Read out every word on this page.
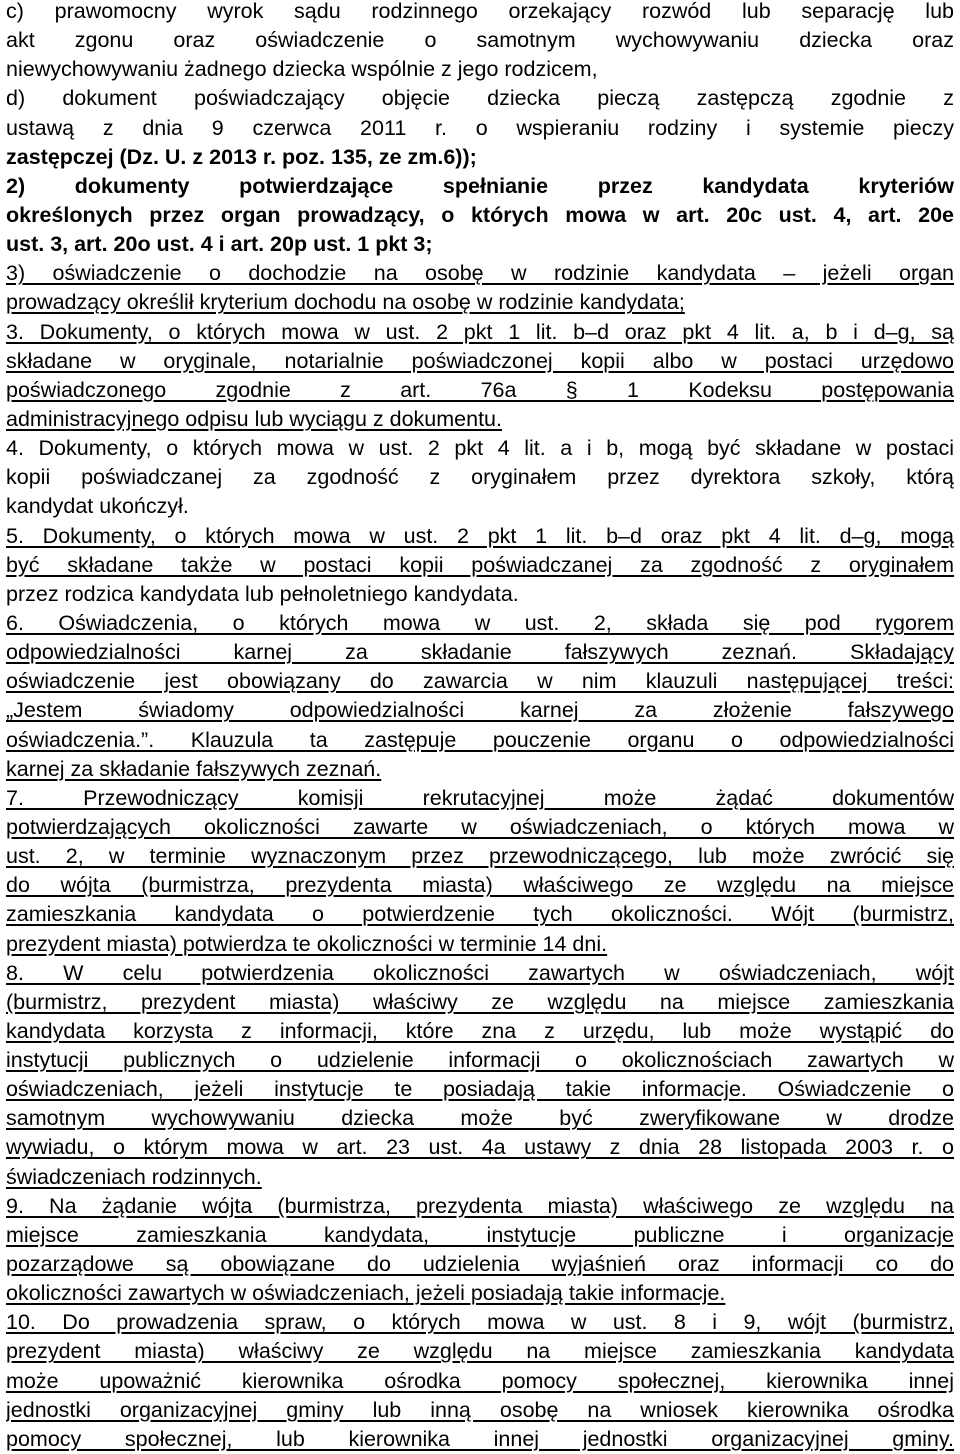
c) prawomocny wyrok sądu rodzinnego orzekający rozwód lub separację lub
akt zgonu oraz oświadczenie o samotnym wychowywaniu dziecka oraz
niewychowywaniu żadnego dziecka wspólnie z jego rodzicem,
d) dokument poświadczający objęcie dziecka pieczą zastępczą zgodnie z
ustawą z dnia 9 czerwca 2011 r. o wspieraniu rodziny i systemie pieczy
zastępczej (Dz. U. z 2013 r. poz. 135, ze zm.6));
2) dokumenty potwierdzające spełnianie przez kandydata kryteriów
określonych przez organ prowadzący, o których mowa w art. 20c ust. 4, art. 20e
ust. 3, art. 20o ust. 4 i art. 20p ust. 1 pkt 3;
3) oświadczenie o dochodzie na osobę w rodzinie kandydata – jeżeli organ
prowadzący określił kryterium dochodu na osobę w rodzinie kandydata;
3. Dokumenty, o których mowa w ust. 2 pkt 1 lit. b–d oraz pkt 4 lit. a, b i d–g, są
składane w oryginale, notarialnie poświadczonej kopii albo w postaci urzędowo
poświadczonego zgodnie z art. 76a § 1 Kodeksu postępowania
administracyjnego odpisu lub wyciągu z dokumentu.
4. Dokumenty, o których mowa w ust. 2 pkt 4 lit. a i b, mogą być składane w postaci
kopii poświadczanej za zgodność z oryginałem przez dyrektora szkoły, którą
kandydat ukończył.
5. Dokumenty, o których mowa w ust. 2 pkt 1 lit. b–d oraz pkt 4 lit. d–g, mogą
być składane także w postaci kopii poświadczanej za zgodność z oryginałem
przez rodzica kandydata lub pełnoletniego kandydata.
6. Oświadczenia, o których mowa w ust. 2, składa się pod rygorem
odpowiedzialności karnej za składanie fałszywych zeznań. Składający
oświadczenie jest obowiązany do zawarcia w nim klauzuli następującej treści:
„Jestem świadomy odpowiedzialności karnej za złożenie fałszywego
oświadczenia.”. Klauzula ta zastępuje pouczenie organu o odpowiedzialności
karnej za składanie fałszywych zeznań.
7. Przewodniczący komisji rekrutacyjnej może żądać dokumentów
potwierdzających okoliczności zawarte w oświadczeniach, o których mowa w
ust. 2, w terminie wyznaczonym przez przewodniczącego, lub może zwrócić się
do wójta (burmistrza, prezydenta miasta) właściwego ze względu na miejsce
zamieszkania kandydata o potwierdzenie tych okoliczności. Wójt (burmistrz,
prezydent miasta) potwierdza te okoliczności w terminie 14 dni.
8. W celu potwierdzenia okoliczności zawartych w oświadczeniach, wójt
(burmistrz, prezydent miasta) właściwy ze względu na miejsce zamieszkania
kandydata korzysta z informacji, które zna z urzędu, lub może wystąpić do
instytucji publicznych o udzielenie informacji o okolicznościach zawartych w
oświadczeniach, jeżeli instytucje te posiadają takie informacje. Oświadczenie o
samotnym wychowywaniu dziecka może być zweryfikowane w drodze
wywiadu, o którym mowa w art. 23 ust. 4a ustawy z dnia 28 listopada 2003 r. o
świadczeniach rodzinnych.
9. Na żądanie wójta (burmistrza, prezydenta miasta) właściwego ze względu na
miejsce zamieszkania kandydata, instytucje publiczne i organizacje
pozarządowe są obowiązane do udzielenia wyjaśnień oraz informacji co do
okoliczności zawartych w oświadczeniach, jeżeli posiadają takie informacje.
10. Do prowadzenia spraw, o których mowa w ust. 8 i 9, wójt (burmistrz,
prezydent miasta) właściwy ze względu na miejsce zamieszkania kandydata
może upoważnić kierownika ośrodka pomocy społecznej, kierownika innej
jednostki organizacyjnej gminy lub inną osobę na wniosek kierownika ośrodka
pomocy społecznej, lub kierownika innej jednostki organizacyjnej gminy.
